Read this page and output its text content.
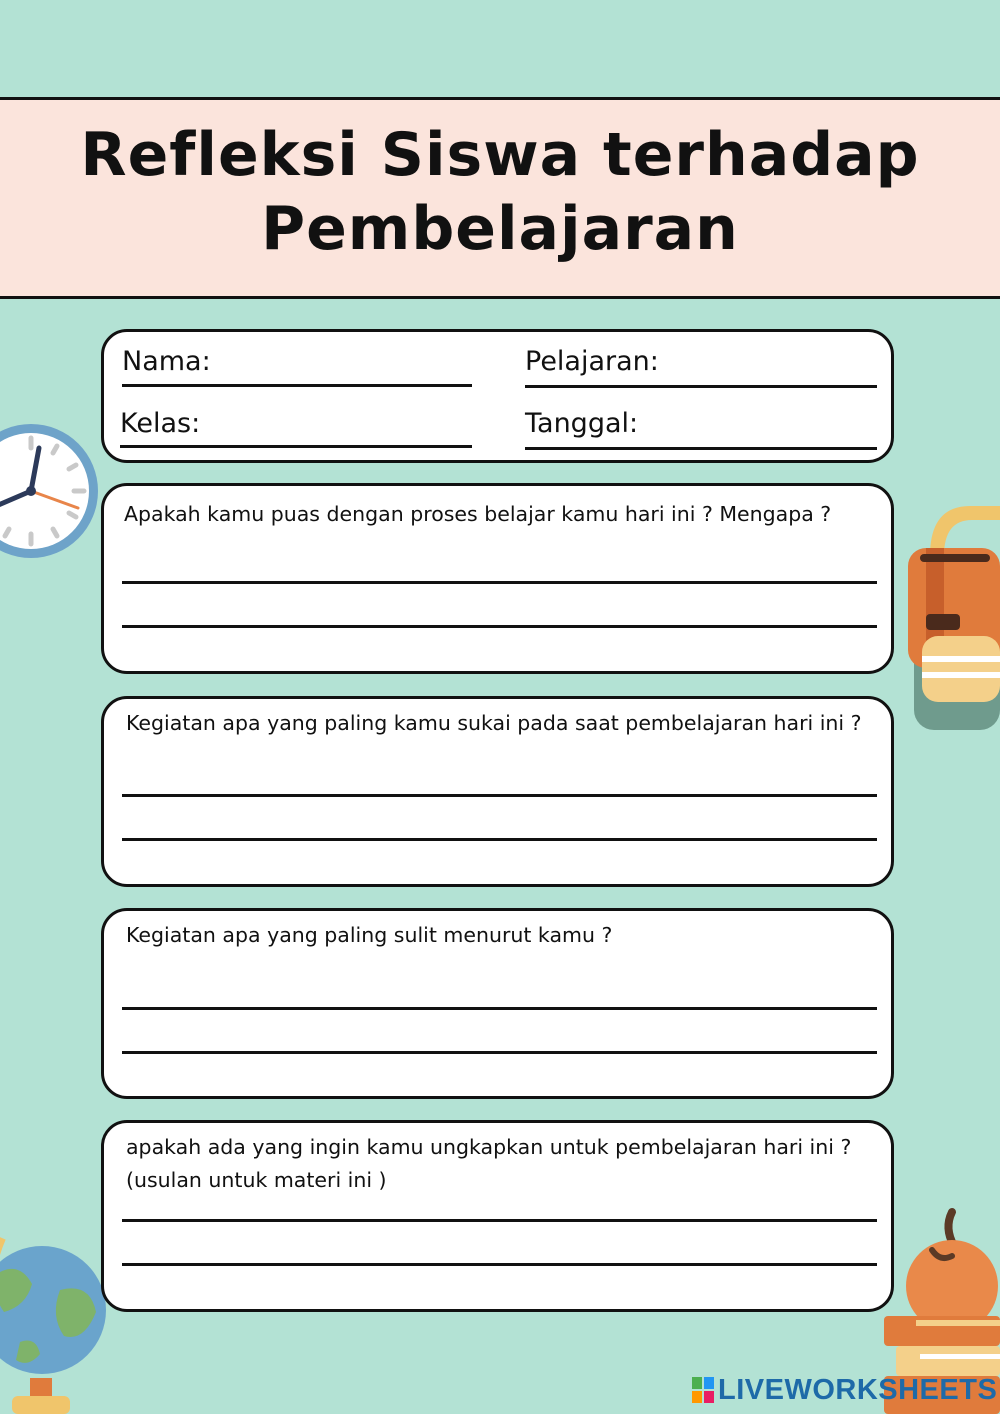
Refleksi Siswa terhadap
Pembelajaran
Nama:	Pelajaran:
Kelas:	Tanggal:
Apakah kamu puas dengan proses belajar kamu hari ini ? Mengapa ?
Kegiatan apa yang paling kamu sukai pada saat pembelajaran hari ini ?
Kegiatan apa yang paling sulit menurut kamu ?
apakah ada yang ingin kamu ungkapkan untuk pembelajaran hari ini ?
(usulan untuk materi ini )
LIVEWORKSHEETS
